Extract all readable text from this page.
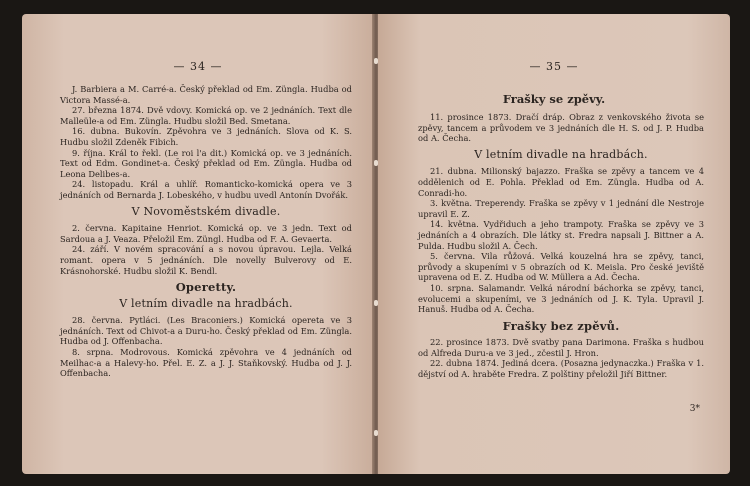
— 34 —
J. Barbiera a M. Carré-a. Český překlad od Em. Züngla. Hudba od Victora Massé-a.
27. března 1874. Dvě vdovy. Komická op. ve 2 jednáních. Text dle Malleüle-a od Em. Züngla. Hudbu složil Bed. Smetana.
16. dubna. Bukovín. Zpěvohra ve 3 jednáních. Slova od K. S. Hudbu složil Zdeněk Fibich.
9. října. Král to řekl. (Le roi l'a dit.) Komická op. ve 3 jednáních. Text od Edm. Gondinet-a. Český překlad od Em. Züngla. Hudba od Leona Delibes-a.
24. listopadu. Král a uhlíř. Romanticko-komická opera ve 3 jednáních od Bernarda J. Lobeského, v hudbu uvedl Antonín Dvořák.
V Novoměstském divadle.
2. června. Kapitaine Henriot. Komická op. ve 3 jedn. Text od Sardoua a J. Veaza. Přeložil Em. Züngl. Hudba od F. A. Gevaerta.
24. září. V novém spracování a s novou úpravou. Lejla. Velká romant. opera v 5 jednáních. Dle novelly Bulverovy od E. Krásnohorské. Hudbu složil K. Bendl.
Operetty.
V letním divadle na hradbách.
28. června. Pytláci. (Les Braconiers.) Komická opereta ve 3 jednáních. Text od Chivot-a a Duru-ho. Český překlad od Em. Züngla. Hudba od J. Offenbacha.
8. srpna. Modrovous. Komická zpěvohra ve 4 jednáních od Meilhac-a a Halevy-ho. Přel. E. Z. a J. J. Staňkovský. Hudba od J. J. Offenbacha.
— 35 —
Frašky se zpěvy.
11. prosince 1873. Dračí dráp. Obraz z venkovského života se zpěvy, tancem a průvodem ve 3 jednáních dle H. S. od J. P. Hudba od A. Čecha.
V letním divadle na hradbách.
21. dubna. Milionský bajazzo. Fraška se zpěvy a tancem ve 4 oddělenich od E. Pohla. Překlad od Em. Züngla. Hudba od A. Conradi-ho.
3. května. Treperendy. Fraška se zpěvy v 1 jednání dle Nestroje upravil E. Z.
14. května. Vydřiduch a jeho trampoty. Fraška se zpěvy ve 3 jednáních a 4 obrazích. Dle látky st. Fredra napsali J. Bittner a A. Pulda. Hudbu složil A. Čech.
5. června. Vila růžová. Velká kouzelná hra se zpěvy, tanci, průvody a skupeními v 5 obrazích od K. Meisla. Pro české jeviště upravena od E. Z. Hudba od W. Müllera a Ad. Čecha.
10. srpna. Salamandr. Velká národní báchorka se zpěvy, tanci, evolucemi a skupeními, ve 3 jednáních od J. K. Tyla. Upravil J. Hanuš. Hudba od A. Čecha.
Frašky bez zpěvů.
22. prosince 1873. Dvě svatby pana Darimona. Fraška s hudbou od Alfreda Duru-a ve 3 jed., zčestil J. Hron.
22. dubna 1874. Jediná dcera. (Posazna jedynaczka.) Fraška v 1. dějství od A. hraběte Fredra. Z polštiny přeložil Jiří Bittner.
3*
